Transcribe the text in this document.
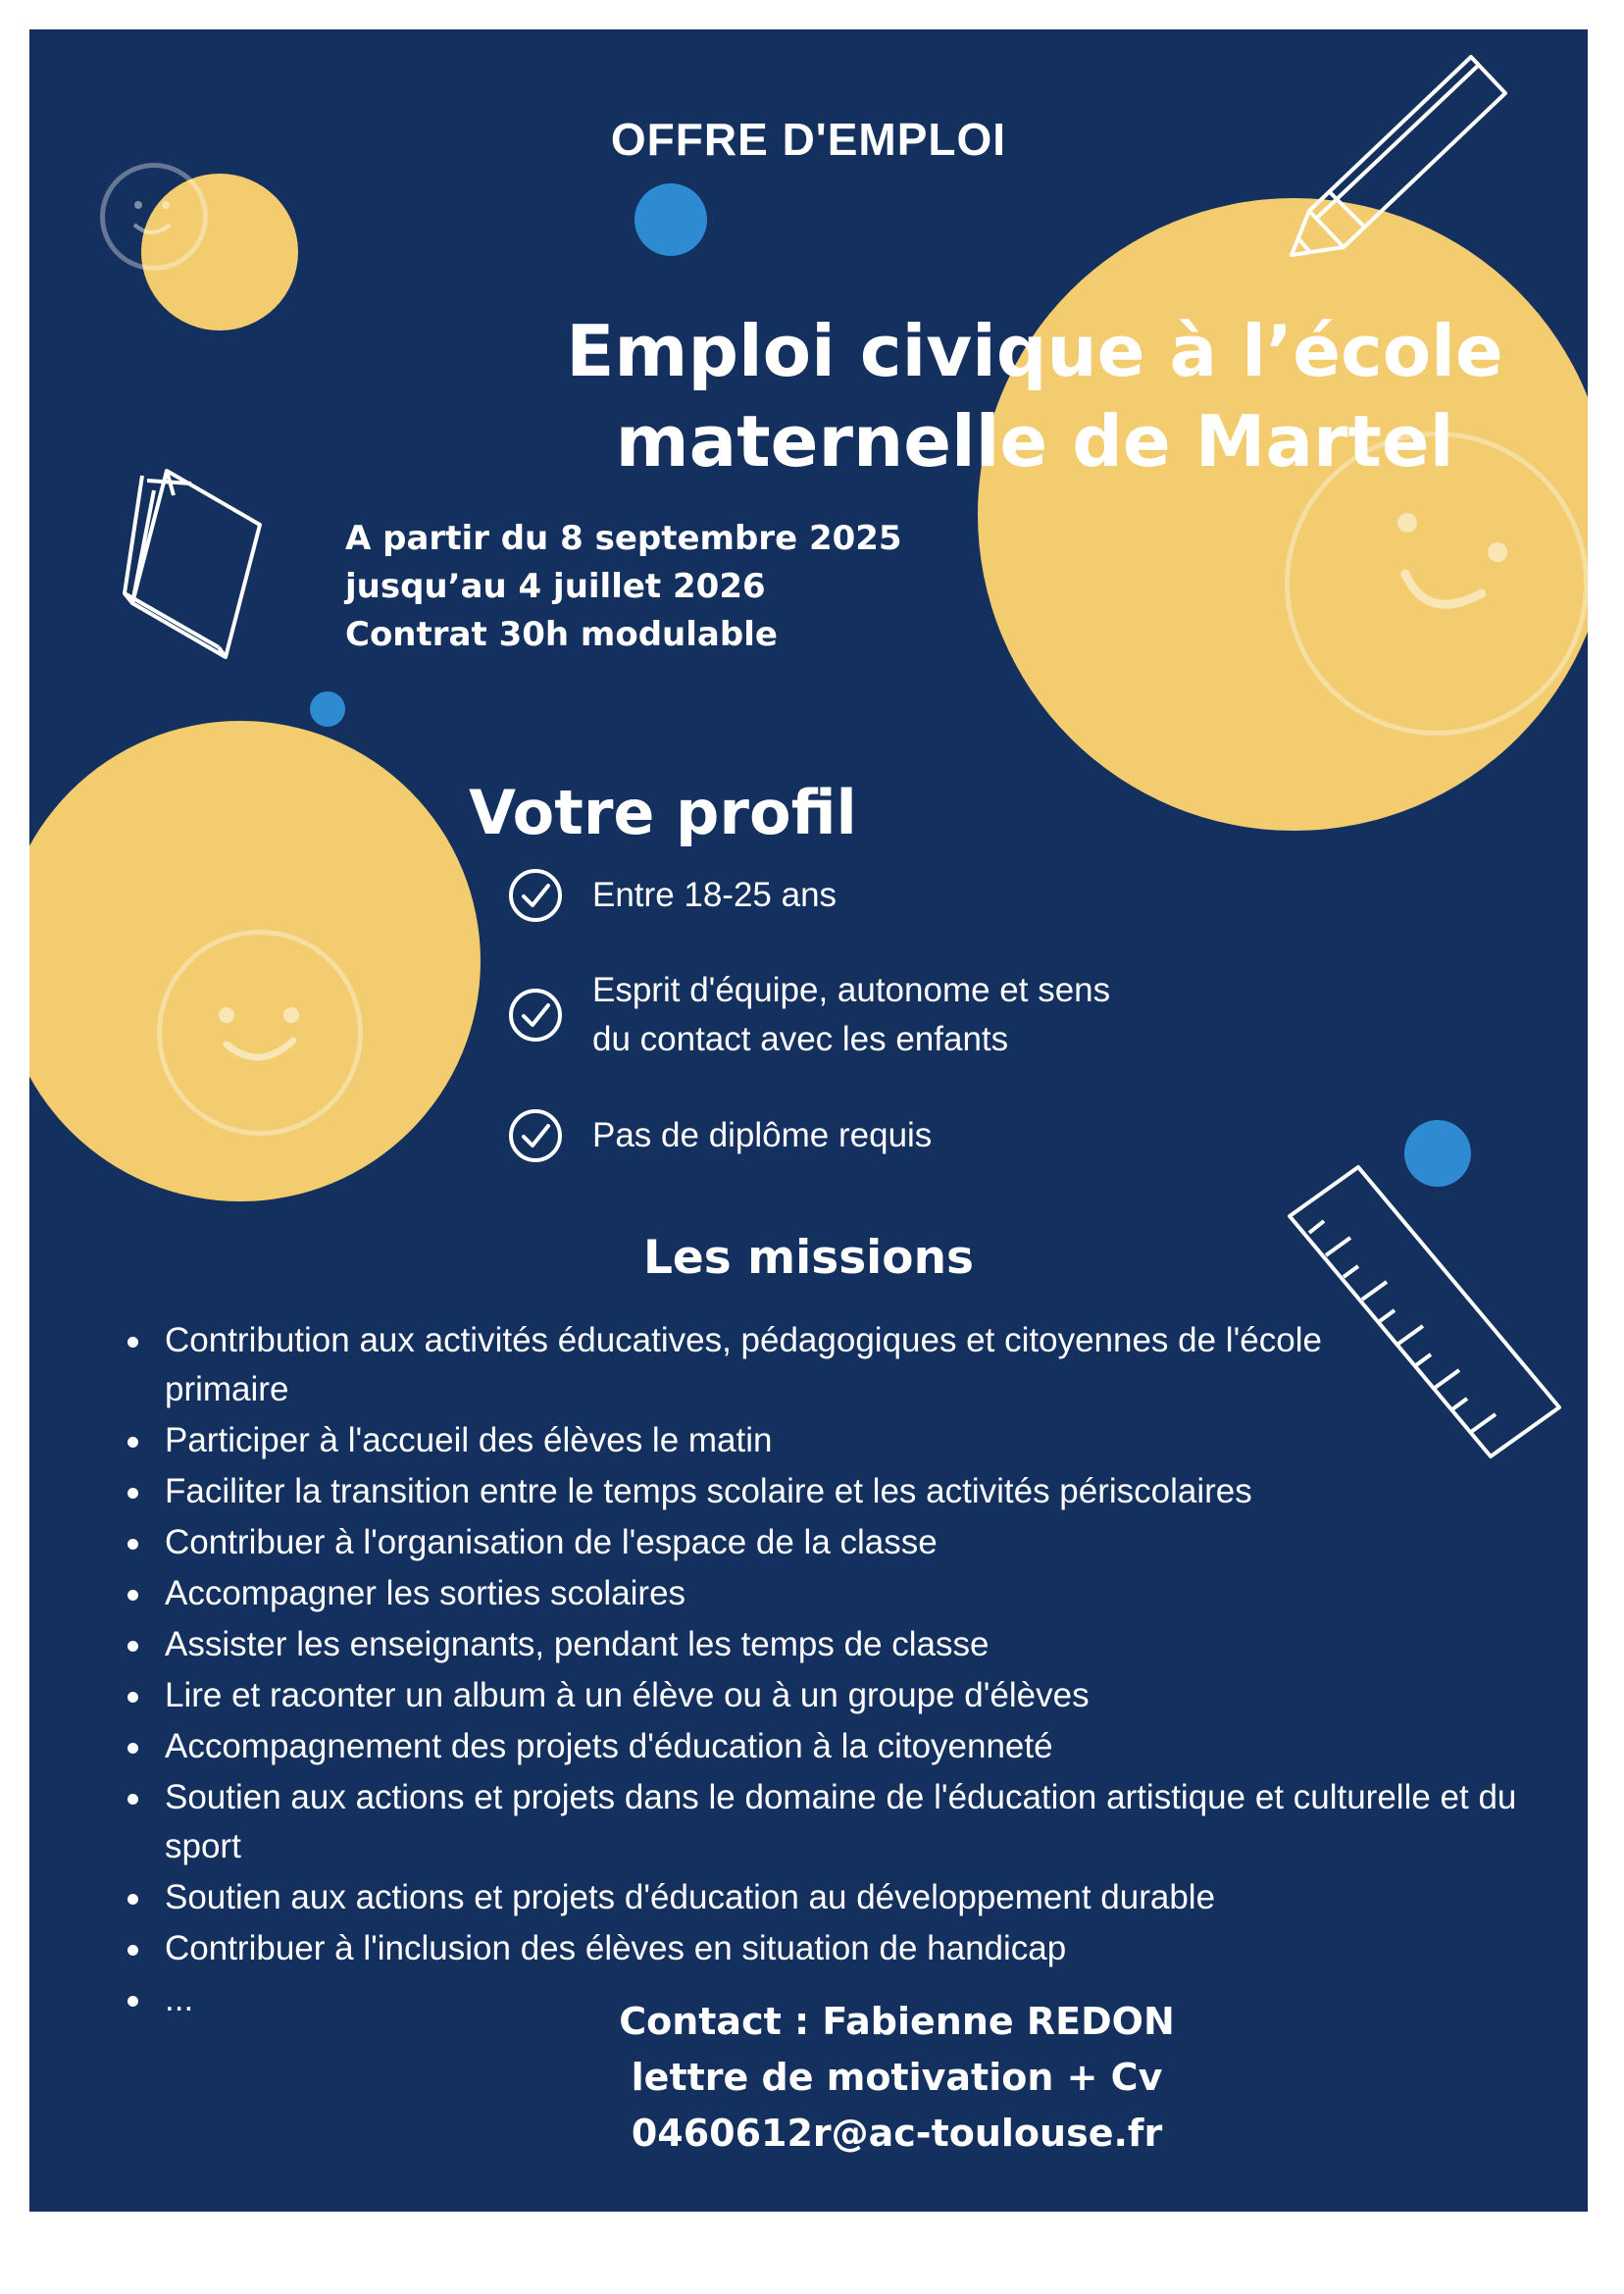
OFFRE D'EMPLOI
Emploi civique à l’école
maternelle de Martel
A partir du 8 septembre 2025
jusqu’au 4 juillet 2026
Contrat 30h modulable
Votre profil
Entre 18-25 ans
Esprit d'équipe, autonome et sens du contact avec les enfants
Pas de diplôme requis
Les missions
Contribution aux activités éducatives, pédagogiques et citoyennes de l'école primaire
Participer à l'accueil des élèves le matin
Faciliter la transition entre le temps scolaire et les activités périscolaires
Contribuer à l'organisation de l'espace de la classe
Accompagner les sorties scolaires
Assister les enseignants, pendant les temps de classe
Lire et raconter un album à un élève ou à un groupe d'élèves
Accompagnement des projets d'éducation à la citoyenneté
Soutien aux actions et projets dans le domaine de l'éducation artistique et culturelle et du sport
Soutien aux actions et projets d'éducation au développement durable
Contribuer à l'inclusion des élèves en situation de handicap
...
Contact : Fabienne REDON
lettre de motivation + Cv
0460612r@ac-toulouse.fr
